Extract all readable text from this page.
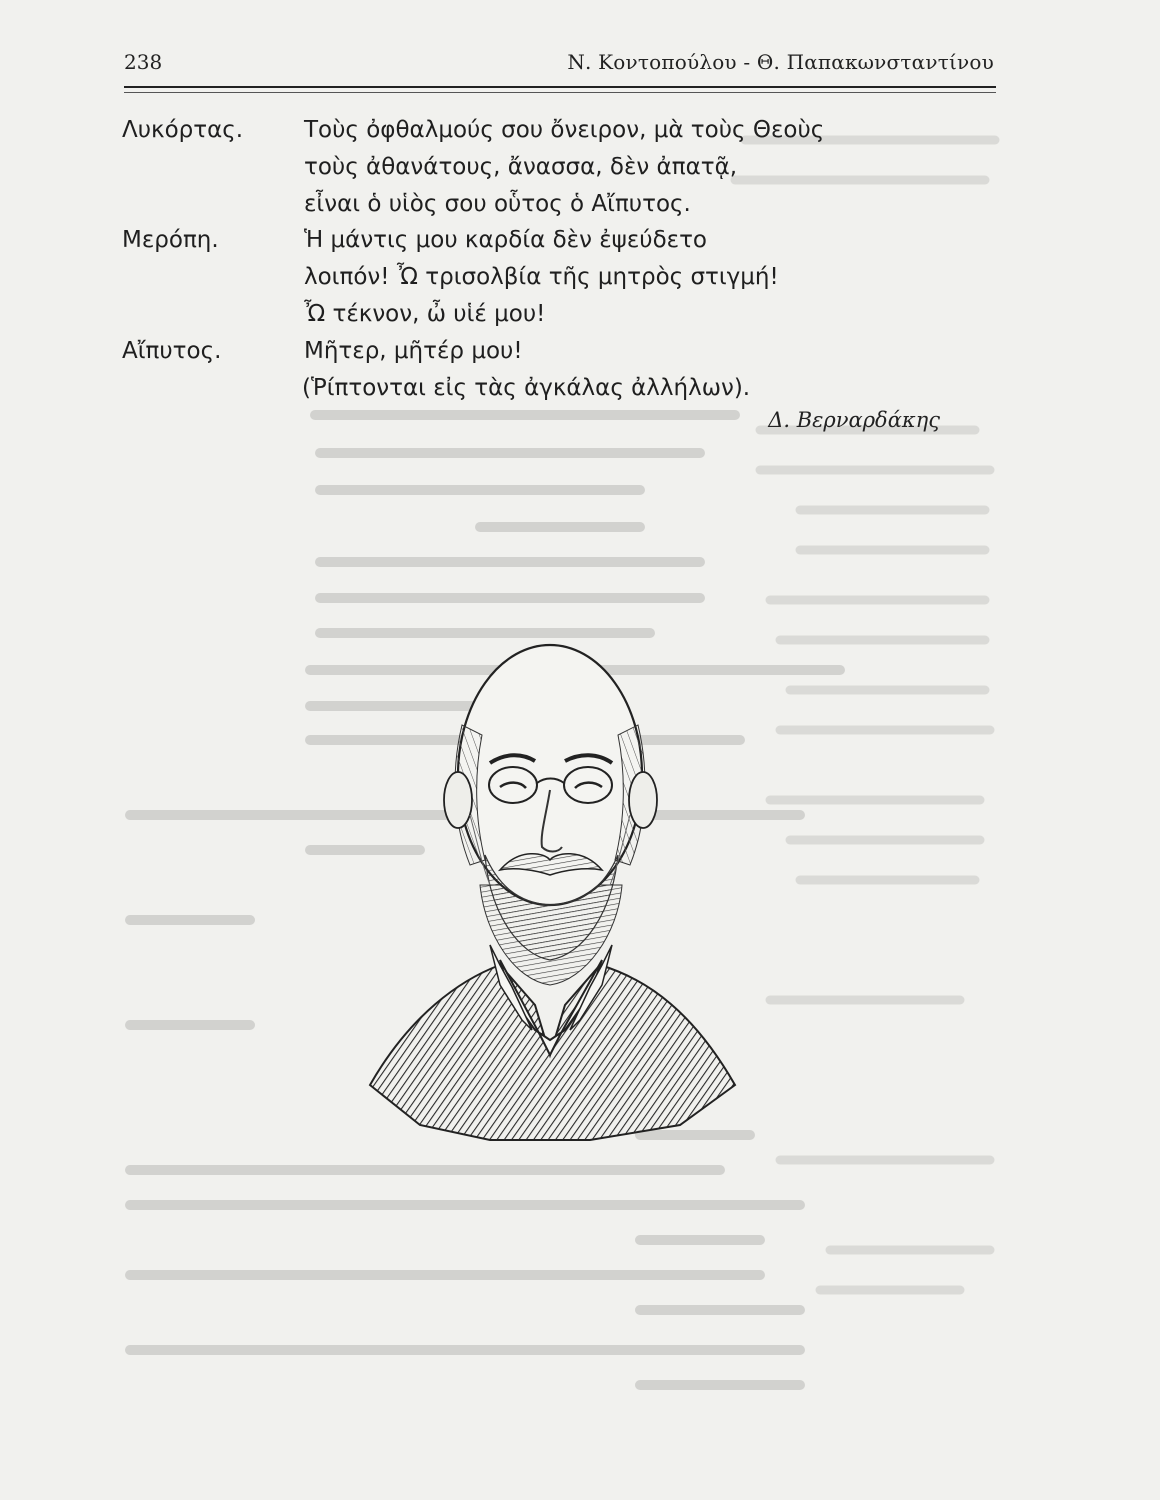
238	Ν. Κοντοπούλου - Θ. Παπακωνσταντίνου
Λυκόρτας.	Τοὺς ὀφθαλμούς σου ὄνειρον, μὰ τοὺς Θεοὺς
τοὺς ἀθανάτους, ἄνασσα, δὲν ἀπατᾷ,
εἶναι ὁ υἱὸς σου οὗτος ὁ Αἴπυτος.
Μερόπη.	Ἡ μάντις μου καρδία δὲν ἐψεύδετο
λοιπόν! Ὦ τρισολβία τῆς μητρὸς στιγμή!
Ὦ τέκνον, ὦ υἱέ μου!
Αἴπυτος.	Μῆτερ, μῆτέρ μου!
(Ῥίπτονται εἰς τὰς ἀγκάλας ἀλλήλων).
Δ. Βερναρδάκης
